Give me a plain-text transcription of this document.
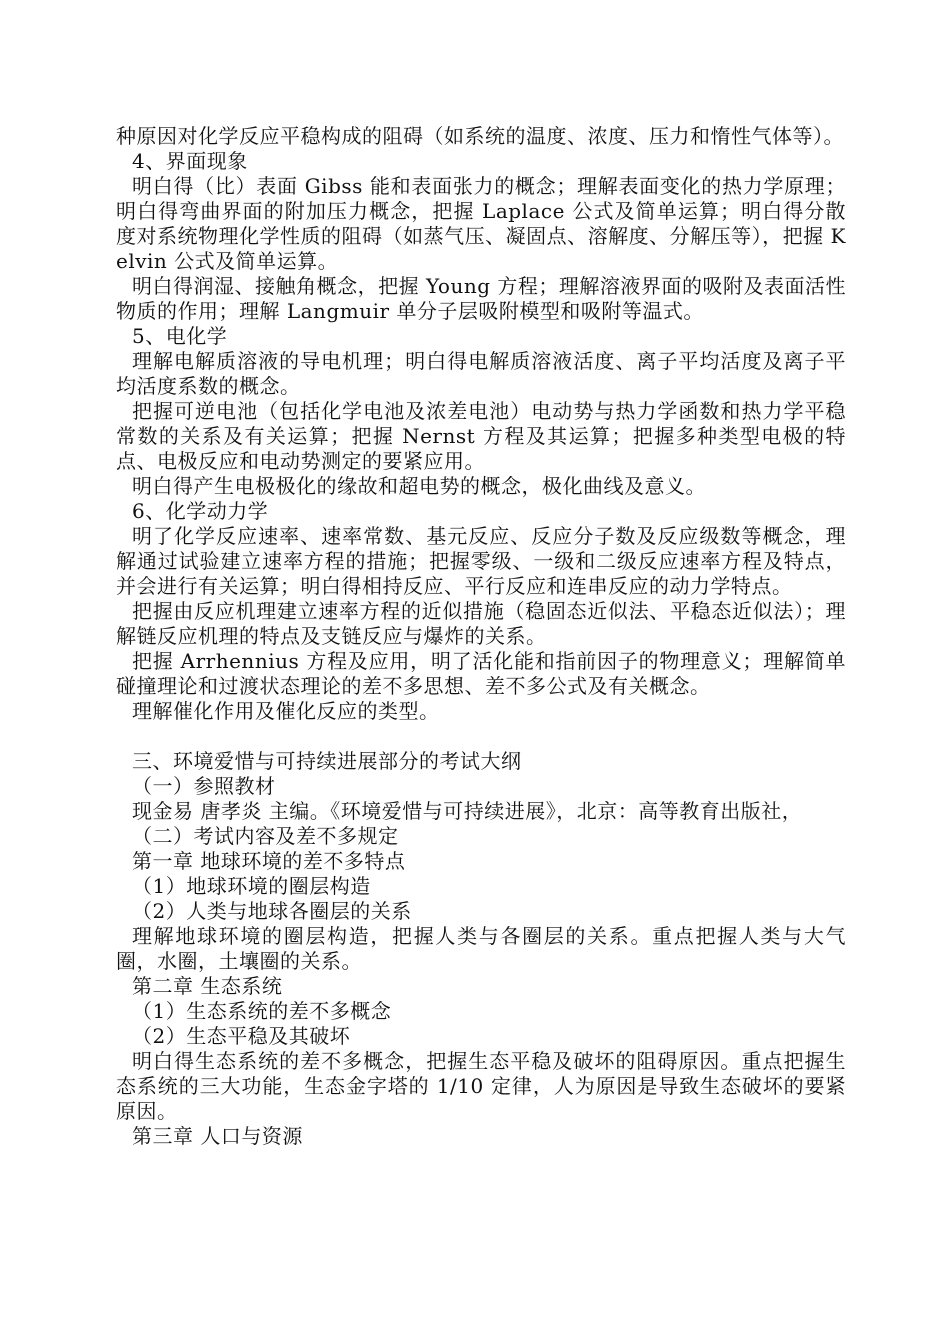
种原因对化学反应平稳构成的阻碍（如系统的温度、浓度、压力和惰性气体等）。

4、界面现象

明白得（比）表面 Gibss 能和表面张力的概念；理解表面变化的热力学原理；明白得弯曲界面的附加压力概念，把握 Laplace 公式及简单运算；明白得分散度对系统物理化学性质的阻碍（如蒸气压、凝固点、溶解度、分解压等），把握 Kelvin 公式及简单运算。

明白得润湿、接触角概念，把握 Young 方程；理解溶液界面的吸附及表面活性物质的作用；理解 Langmuir 单分子层吸附模型和吸附等温式。

5、电化学

理解电解质溶液的导电机理；明白得电解质溶液活度、离子平均活度及离子平均活度系数的概念。

把握可逆电池（包括化学电池及浓差电池）电动势与热力学函数和热力学平稳常数的关系及有关运算；把握 Nernst 方程及其运算；把握多种类型电极的特点、电极反应和电动势测定的要紧应用。

明白得产生电极极化的缘故和超电势的概念，极化曲线及意义。

6、化学动力学

明了化学反应速率、速率常数、基元反应、反应分子数及反应级数等概念，理解通过试验建立速率方程的措施；把握零级、一级和二级反应速率方程及特点，并会进行有关运算；明白得相持反应、平行反应和连串反应的动力学特点。

把握由反应机理建立速率方程的近似措施（稳固态近似法、平稳态近似法）；理解链反应机理的特点及支链反应与爆炸的关系。

把握 Arrhennius 方程及应用，明了活化能和指前因子的物理意义；理解简单碰撞理论和过渡状态理论的差不多思想、差不多公式及有关概念。

理解催化作用及催化反应的类型。

三、环境爱惜与可持续进展部分的考试大纲

（一）参照教材

现金易 唐孝炎 主编。《环境爱惜与可持续进展》，北京：高等教育出版社，

（二）考试内容及差不多规定

第一章 地球环境的差不多特点

（1）地球环境的圈层构造

（2）人类与地球各圈层的关系

理解地球环境的圈层构造，把握人类与各圈层的关系。重点把握人类与大气圈，水圈，土壤圈的关系。

第二章 生态系统

（1）生态系统的差不多概念

（2）生态平稳及其破坏

明白得生态系统的差不多概念，把握生态平稳及破坏的阻碍原因。重点把握生态系统的三大功能，生态金字塔的 1/10 定律，人为原因是导致生态破坏的要紧原因。

第三章 人口与资源
